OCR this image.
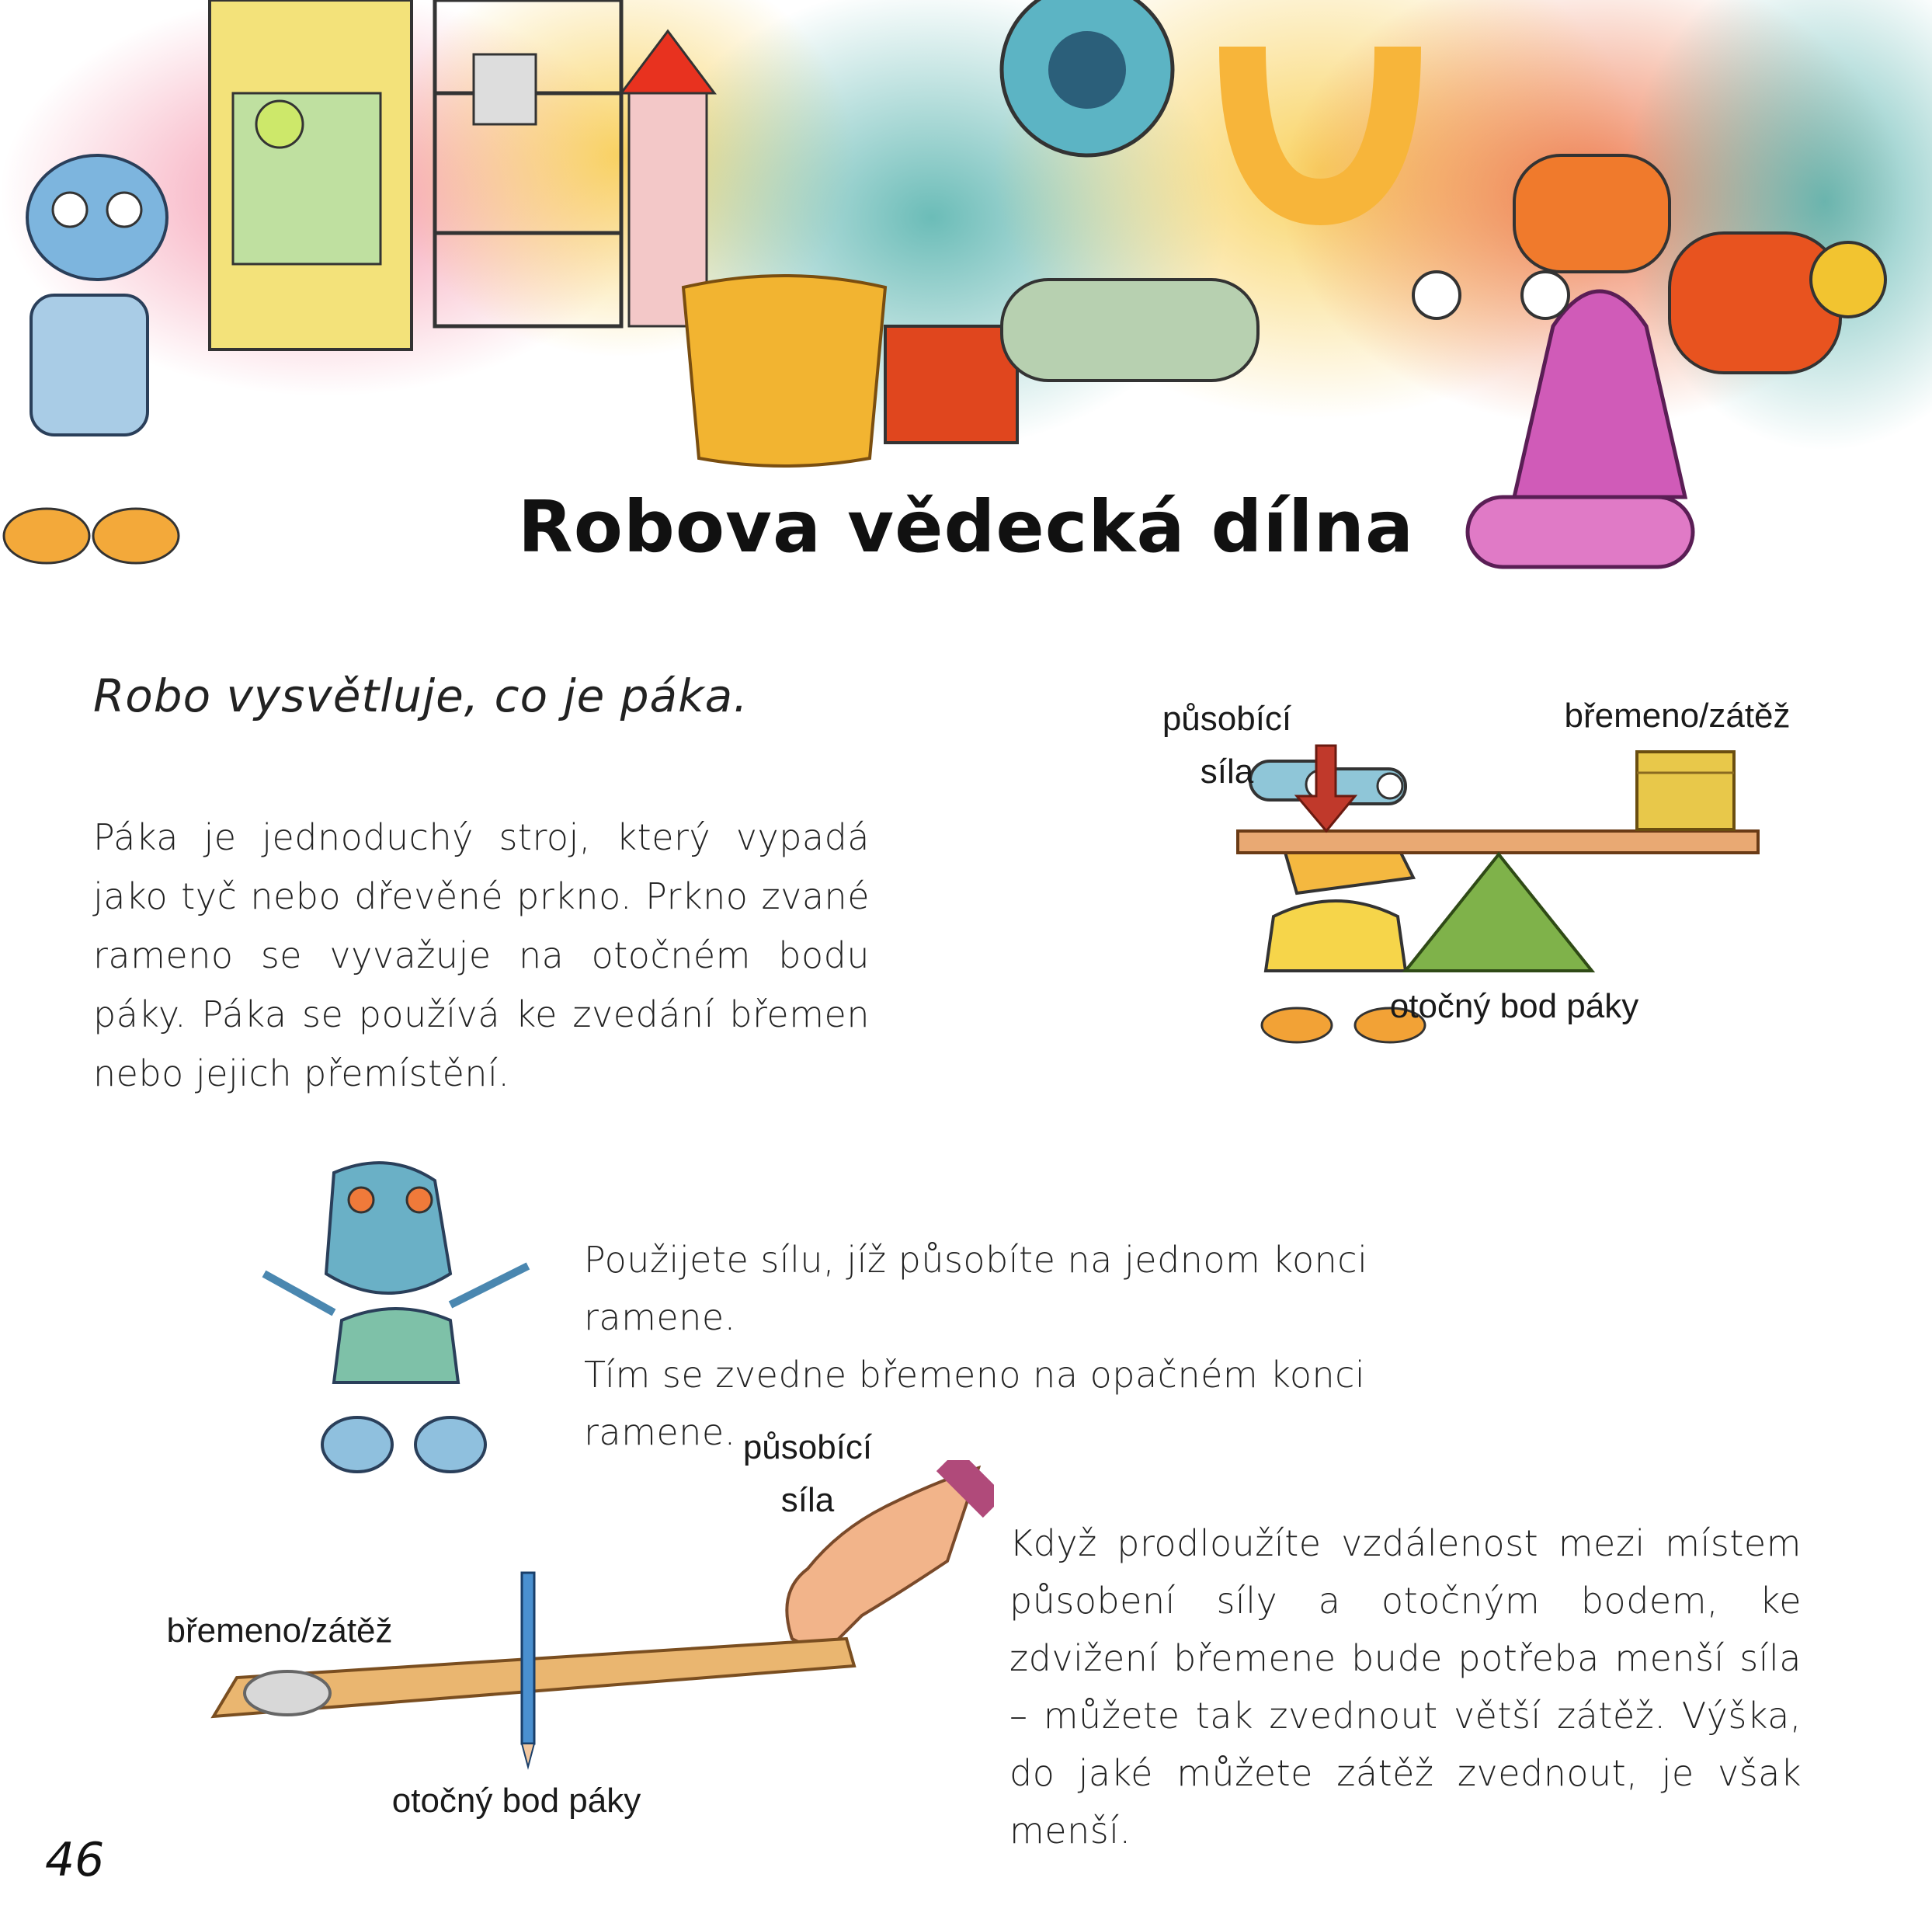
Robova vědecká dílna
Robo vysvětluje, co je páka.
Páka je jednoduchý stroj, který vypadá jako tyč nebo dřevěné prkno. Prkno zvané rameno se vyvažuje na otočném bodu páky. Páka se používá ke zvedání břemen nebo jejich přemístění.
působící
síla
břemeno/zátěž
otočný bod páky
Použijete sílu, jíž působíte na jednom konci ramene.
Tím se zvedne břemeno na opačném konci ramene. působící
síla
břemeno/zátěž
otočný bod páky
Když prodloužíte vzdálenost mezi místem působení síly a otočným bodem, ke zdvižení břemene bude potřeba menší síla – můžete tak zvednout větší zátěž. Výška, do jaké můžete zátěž zvednout, je však menší.
46
